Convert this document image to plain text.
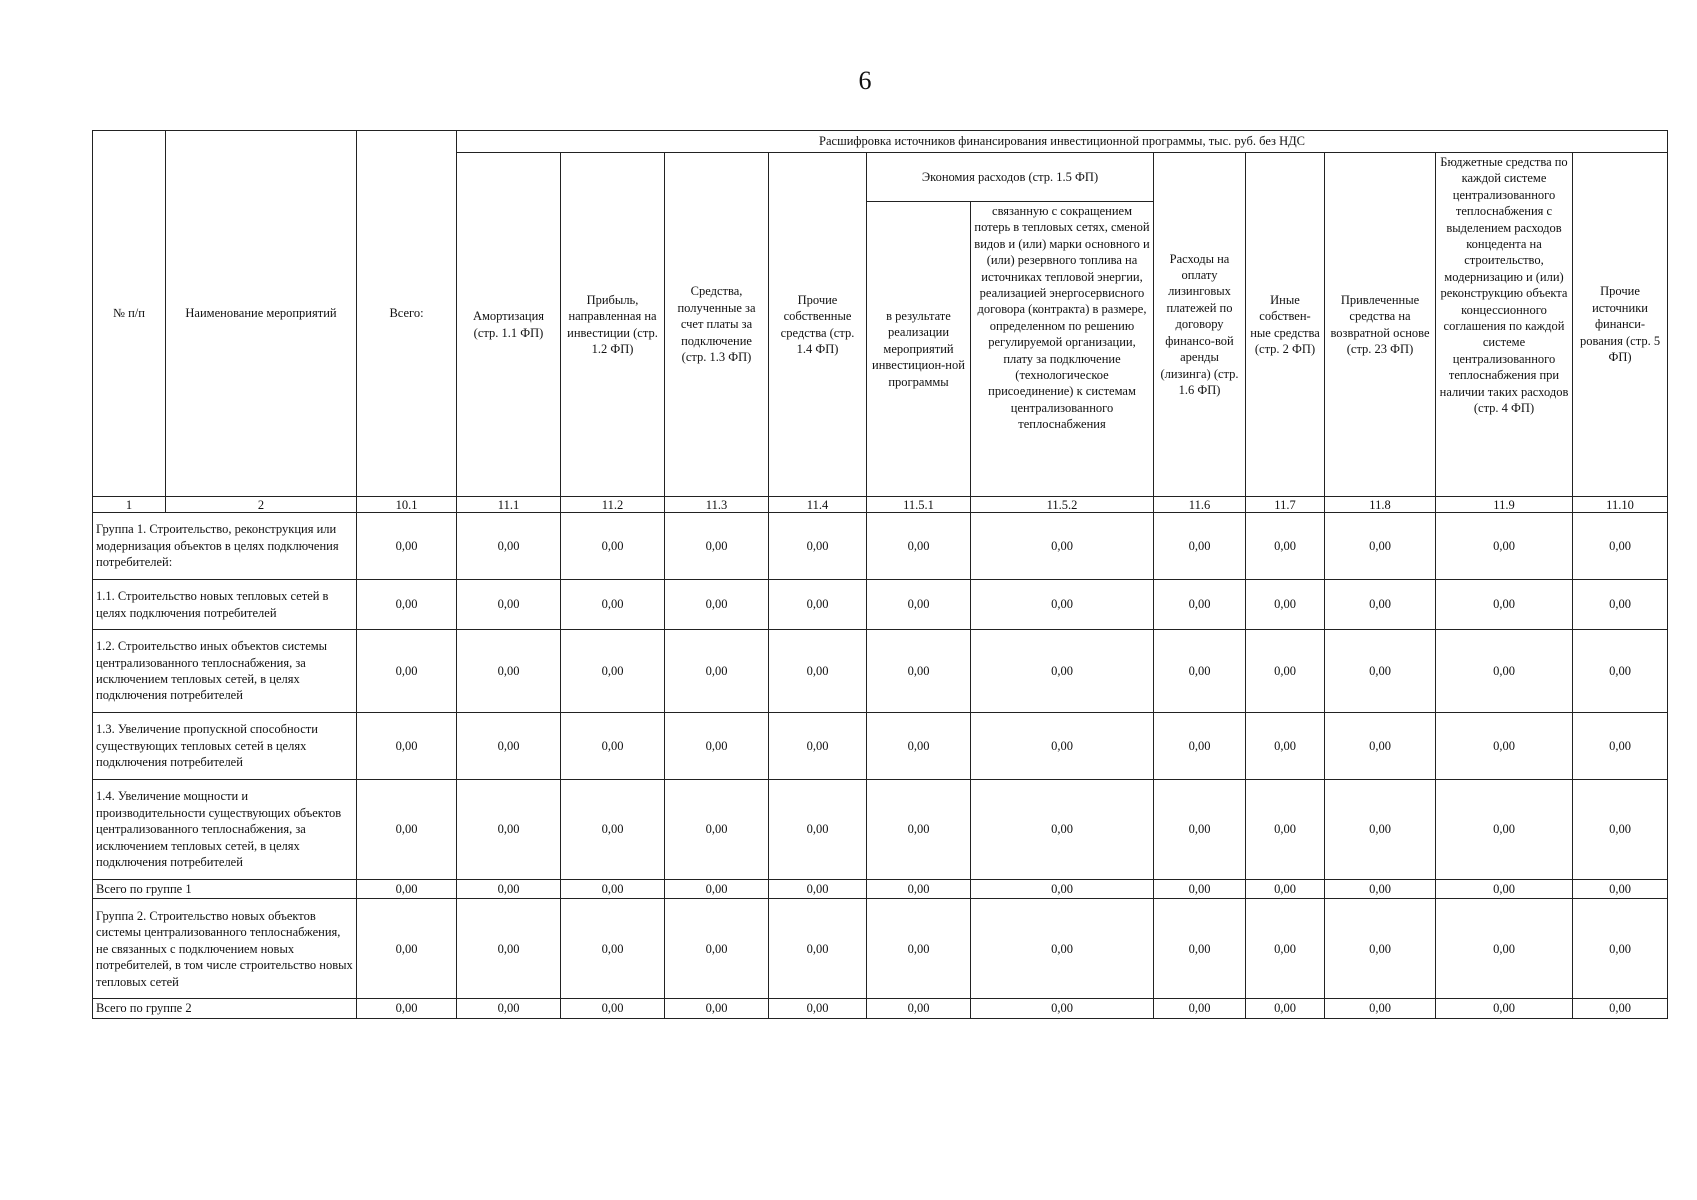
6
№ п/п	Наименование мероприятий	Всего:	Расшифровка источников финансирования инвестиционной программы, тыс. руб. без НДС										
			Амортизация (стр. 1.1 ФП)	Прибыль, направленная на инвестиции (стр. 1.2 ФП)	Средства, полученные за счет платы за подключение (стр. 1.3 ФП)	Прочие собственные средства (стр. 1.4 ФП)	Экономия расходов (стр. 1.5 ФП)		Расходы на оплату лизинговых платежей по договору финансо-вой аренды (лизинга) (стр. 1.6 ФП)	Иные собствен-ные средства (стр. 2 ФП)	Привлеченные средства на возвратной основе (стр. 23 ФП)	Бюджетные средства по каждой системе централизованного теплоснабжения с выделением расходов концедента на строительство, модернизацию и (или) реконструкцию объекта концессионного соглашения по каждой системе централизованного теплоснабжения при наличии таких расходов (стр. 4 ФП)	Прочие источники финанси-рования (стр. 5 ФП)
							в результате реализации мероприятий инвестицион-ной программы	связанную с сокращением потерь в тепловых сетях, сменой видов и (или) марки основного и (или) резервного топлива на источниках тепловой энергии, реализацией энергосервисного договора (контракта) в размере, определенном по решению регулируемой организации, плату за подключение (технологическое присоединение) к системам централизованного теплоснабжения					
1	2	10.1	11.1	11.2	11.3	11.4	11.5.1	11.5.2	11.6	11.7	11.8	11.9	11.10
Группа 1. Строительство, реконструкция или модернизация объектов в целях подключения потребителей:		0,00	0,00	0,00	0,00	0,00	0,00	0,00	0,00	0,00	0,00	0,00	0,00
1.1. Строительство новых тепловых сетей в целях подключения потребителей		0,00	0,00	0,00	0,00	0,00	0,00	0,00	0,00	0,00	0,00	0,00	0,00
1.2. Строительство иных объектов системы централизованного теплоснабжения, за исключением тепловых сетей, в целях подключения потребителей		0,00	0,00	0,00	0,00	0,00	0,00	0,00	0,00	0,00	0,00	0,00	0,00
1.3. Увеличение пропускной способности существующих тепловых сетей в целях подключения потребителей		0,00	0,00	0,00	0,00	0,00	0,00	0,00	0,00	0,00	0,00	0,00	0,00
1.4. Увеличение мощности и производительности существующих объектов централизованного теплоснабжения, за исключением тепловых сетей, в целях подключения потребителей		0,00	0,00	0,00	0,00	0,00	0,00	0,00	0,00	0,00	0,00	0,00	0,00
Всего по группе 1		0,00	0,00	0,00	0,00	0,00	0,00	0,00	0,00	0,00	0,00	0,00	0,00
Группа 2. Строительство новых объектов системы централизованного теплоснабжения, не связанных с подключением новых потребителей, в том числе строительство новых тепловых сетей		0,00	0,00	0,00	0,00	0,00	0,00	0,00	0,00	0,00	0,00	0,00	0,00
Всего по группе 2		0,00	0,00	0,00	0,00	0,00	0,00	0,00	0,00	0,00	0,00	0,00	0,00
